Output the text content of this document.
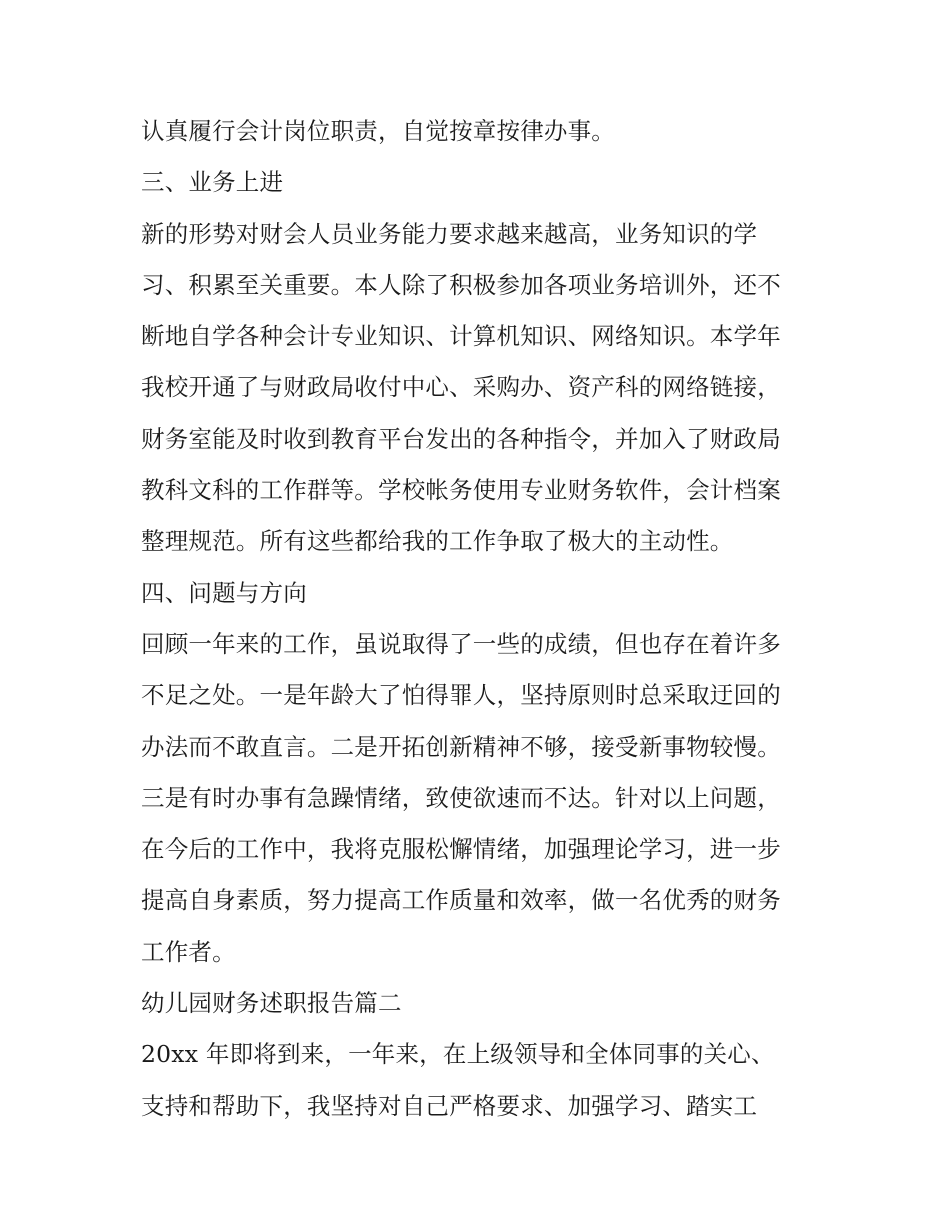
认真履行会计岗位职责，自觉按章按律办事。
三、业务上进
新的形势对财会人员业务能力要求越来越高，业务知识的学
习、积累至关重要。本人除了积极参加各项业务培训外，还不
断地自学各种会计专业知识、计算机知识、网络知识。本学年
我校开通了与财政局收付中心、采购办、资产科的网络链接，
财务室能及时收到教育平台发出的各种指令，并加入了财政局
教科文科的工作群等。学校帐务使用专业财务软件，会计档案
整理规范。所有这些都给我的工作争取了极大的主动性。
四、问题与方向
回顾一年来的工作，虽说取得了一些的成绩，但也存在着许多
不足之处。一是年龄大了怕得罪人，坚持原则时总采取迂回的
办法而不敢直言。二是开拓创新精神不够，接受新事物较慢。
三是有时办事有急躁情绪，致使欲速而不达。针对以上问题，
在今后的工作中，我将克服松懈情绪，加强理论学习，进一步
提高自身素质，努力提高工作质量和效率，做一名优秀的财务
工作者。
幼儿园财务述职报告篇二
20xx 年即将到来，一年来，在上级领导和全体同事的关心、
支持和帮助下，我坚持对自己严格要求、加强学习、踏实工
